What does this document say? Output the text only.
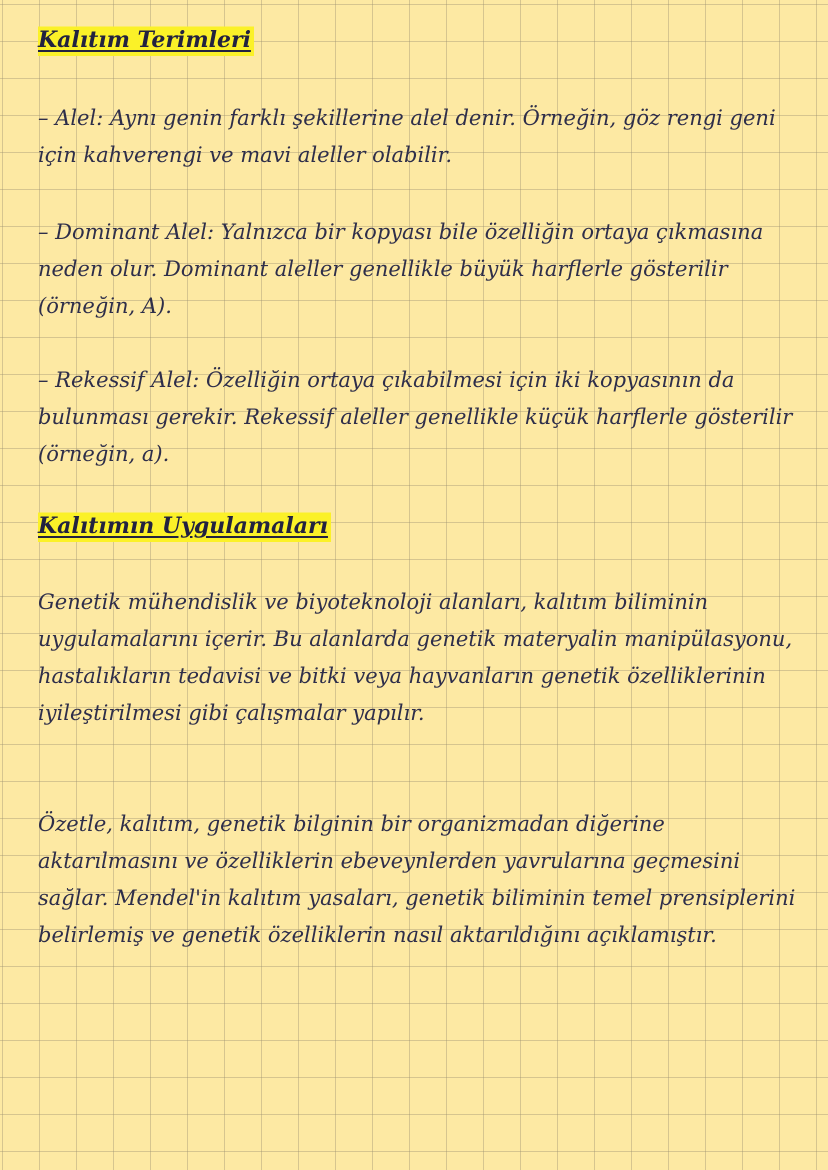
Kalıtım Terimleri

– Alel: Aynı genin farklı şekillerine alel denir. Örneğin, göz rengi geni için kahverengi ve mavi aleller olabilir.

– Dominant Alel: Yalnızca bir kopyası bile özelliğin ortaya çıkmasına neden olur. Dominant aleller genellikle büyük harflerle gösterilir (örneğin, A).

– Rekessif Alel: Özelliğin ortaya çıkabilmesi için iki kopyasının da bulunması gerekir. Rekessif aleller genellikle küçük harflerle gösterilir (örneğin, a).

Kalıtımın Uygulamaları

Genetik mühendislik ve biyoteknoloji alanları, kalıtım biliminin uygulamalarını içerir. Bu alanlarda genetik materyalin manipülasyonu, hastalıkların tedavisi ve bitki veya hayvanların genetik özelliklerinin iyileştirilmesi gibi çalışmalar yapılır.

Özetle, kalıtım, genetik bilginin bir organizmadan diğerine aktarılmasını ve özelliklerin ebeveynlerden yavrularına geçmesini sağlar. Mendel'in kalıtım yasaları, genetik biliminin temel prensiplerini belirlemiş ve genetik özelliklerin nasıl aktarıldığını açıklamıştır.
